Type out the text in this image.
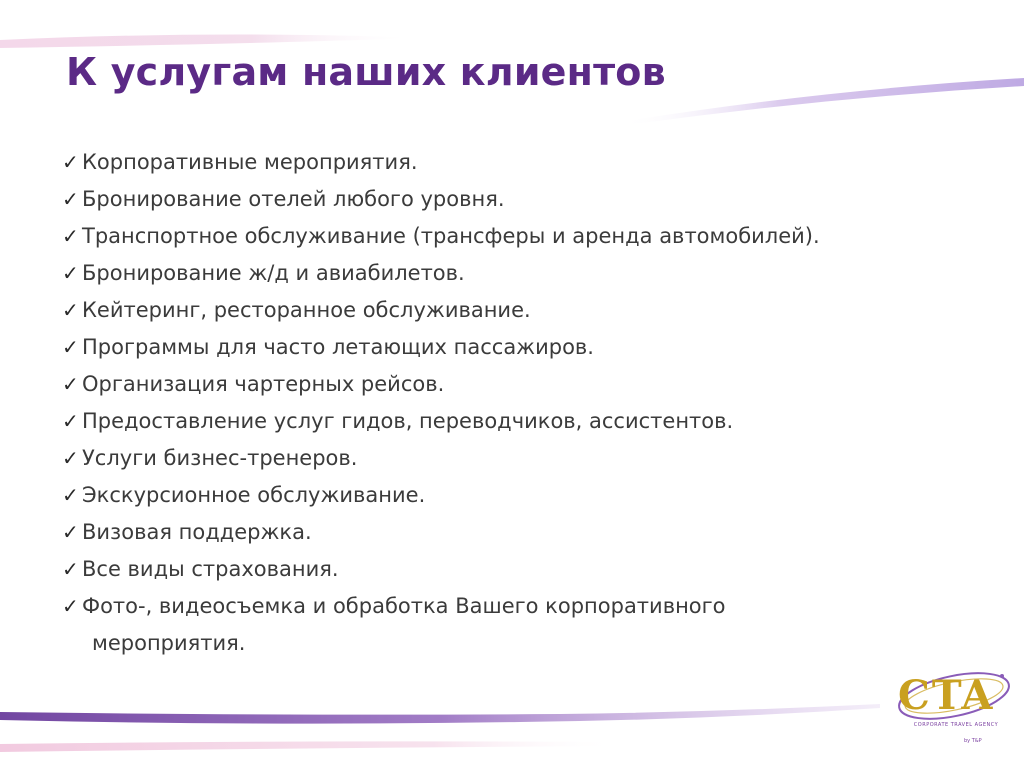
К услугам наших клиентов
✓ Корпоративные мероприятия.
✓ Бронирование отелей любого уровня.
✓ Транспортное обслуживание (трансферы и аренда автомобилей).
✓ Бронирование ж/д и авиабилетов.
✓ Кейтеринг, ресторанное обслуживание.
✓ Программы для часто летающих пассажиров.
✓ Организация чартерных рейсов.
✓ Предоставление услуг гидов, переводчиков, ассистентов.
✓ Услуги бизнес-тренеров.
✓ Экскурсионное обслуживание.
✓ Визовая поддержка.
✓ Все виды страхования.
✓ Фото-, видеосъемка и обработка Вашего корпоративного
мероприятия.
CTA
CORPORATE TRAVEL AGENCY
by T&P
